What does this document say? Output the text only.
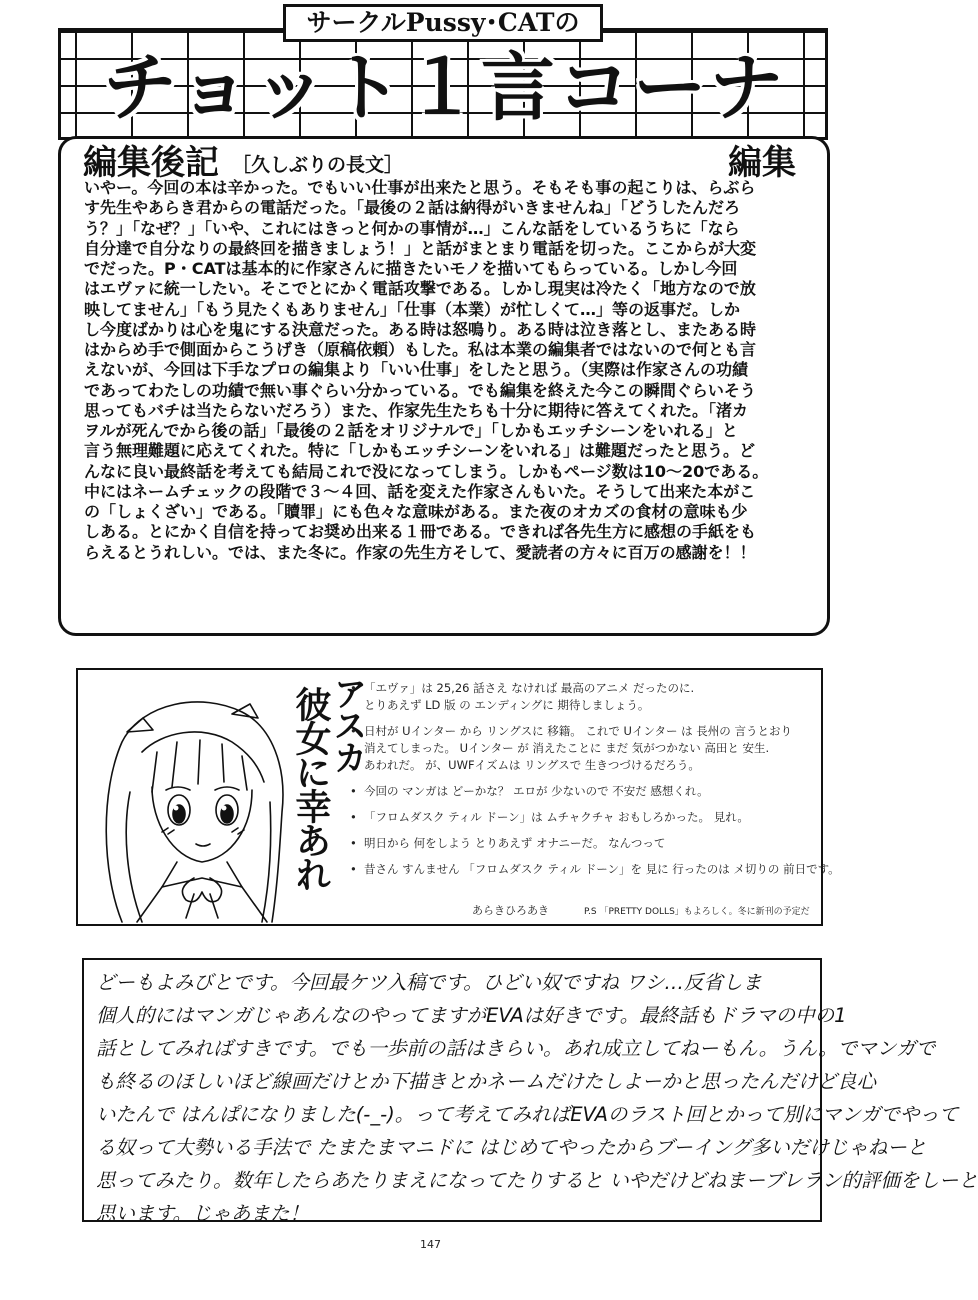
チョット１言コーナ
サークルPussy･CATの
編集後記 ［久しぶりの長文］	編集
いやー。今回の本は辛かった。でもいい仕事が出来たと思う。そもそも事の起こりは、らぶら
す先生やあらき君からの電話だった。「最後の２話は納得がいきませんね」「どうしたんだろ
う？」「なぜ？」「いや、これにはきっと何かの事情が…」こんな話をしているうちに「なら
自分達で自分なりの最終回を描きましょう！」と話がまとまり電話を切った。ここからが大変
でだった。P・CATは基本的に作家さんに描きたいモノを描いてもらっている。しかし今回
はエヴァに統一したい。そこでとにかく電話攻撃である。しかし現実は冷たく「地方なので放
映してません」「もう見たくもありません」「仕事（本業）が忙しくて…」等の返事だ。しか
し今度ばかりは心を鬼にする決意だった。ある時は怒鳴り。ある時は泣き落とし、またある時
はからめ手で側面からこうげき（原稿依頼）もした。私は本業の編集者ではないので何とも言
えないが、今回は下手なプロの編集より「いい仕事」をしたと思う。（実際は作家さんの功績
であってわたしの功績で無い事ぐらい分かっている。でも編集を終えた今この瞬間ぐらいそう
思ってもバチは当たらないだろう）また、作家先生たちも十分に期待に答えてくれた。「渚カ
ヲルが死んでから後の話」「最後の２話をオリジナルで」「しかもエッチシーンをいれる」と
言う無理難題に応えてくれた。特に「しかもエッチシーンをいれる」は難題だったと思う。ど
んなに良い最終話を考えても結局これで没になってしまう。しかもページ数は10〜20である。
中にはネームチェックの段階で３〜４回、話を変えた作家さんもいた。そうして出来た本がこ
の「しょくざい」である。「贖罪」にも色々な意味がある。また夜のオカズの食材の意味も少
しある。とにかく自信を持ってお奨め出来る１冊である。できれば各先生方に感想の手紙をも
らえるとうれしい。では、また冬に。作家の先生方そして、愛読者の方々に百万の感謝を！！
アスカ
彼女に幸あれ
•	「エヴァ」は 25,26 話さえ なければ 最高のアニメ だったのに.
とりあえず LD 版 の エンディングに 期待しましょう。
• 日村が Uインター から リングスに 移籍。 これで Uインター は 長州の 言うとおり
消えてしまった。 Uインター が 消えたことに まだ 気がつかない 高田と 安生.
あわれだ。 が、UWFイズムは リングスで 生きつづけるだろう。
• 今回の マンガは どーかな？ エロが 少ないので 不安だ 感想くれ。
• 「フロムダスク ティル ドーン」は ムチャクチャ おもしろかった。 見れ。
• 明日から 何をしよう とりあえず オナニーだ。 なんつって
• 昔さん すんません 「フロムダスク ティル ドーン」を 見に 行ったのは メ切りの 前日です。
あらきひろあき	P.S 「PRETTY DOLLS」もよろしく。冬に新刊の予定だ
どーもよみびとです。今回最ケツ入稿です。ひどい奴ですね ワシ…反省しま
個人的にはマンガじゃあんなのやってますがEVAは好きです。最終話もドラマの中の1
話としてみればすきです。でも一歩前の話はきらい。あれ成立してねーもん。うん。でマンガで
も終るのほしいほど線画だけとか下描きとかネームだけたしよーかと思ったんだけど良心
いたんで はんぱになりました(-_-)。って考えてみればEVAのラスト回とかって別にマンガでやって
る奴って大勢いる手法で たまたまマニドに はじめてやったからブーイング多いだけじゃねーと
思ってみたり。数年したらあたりまえになってたりすると いやだけどねまーブレラン的評価をしーと
思います。じゃあまた！
147
